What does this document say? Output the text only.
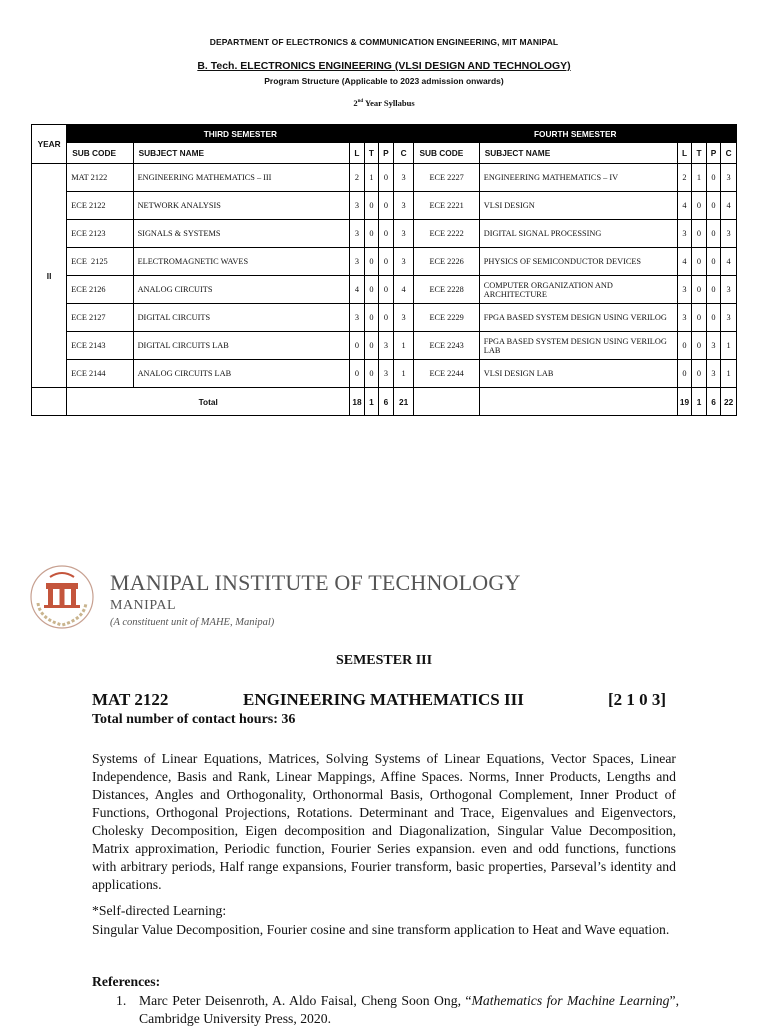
DEPARTMENT OF ELECTRONICS & COMMUNICATION ENGINEERING, MIT MANIPAL
B. Tech. ELECTRONICS ENGINEERING (VLSI DESIGN AND TECHNOLOGY)
Program Structure (Applicable to 2023 admission onwards)
2nd Year Syllabus
YEAR	THIRD SEMESTER						FOURTH SEMESTER					
	SUB CODE	SUBJECT NAME	L	T	P	C	SUB CODE	SUBJECT NAME	L	T	P	C
II	MAT 2122	ENGINEERING MATHEMATICS – III	2	1	0	3	ECE 2227	ENGINEERING MATHEMATICS – IV	2	1	0	3
	ECE 2122	NETWORK ANALYSIS	3	0	0	3	ECE 2221	VLSI DESIGN	4	0	0	4
	ECE 2123	SIGNALS & SYSTEMS	3	0	0	3	ECE 2222	DIGITAL SIGNAL PROCESSING	3	0	0	3
	ECE  2125	ELECTROMAGNETIC WAVES	3	0	0	3	ECE 2226	PHYSICS OF SEMICONDUCTOR DEVICES	4	0	0	4
	ECE 2126	ANALOG CIRCUITS	4	0	0	4	ECE 2228	COMPUTER ORGANIZATION AND ARCHITECTURE	3	0	0	3
	ECE 2127	DIGITAL CIRCUITS	3	0	0	3	ECE 2229	FPGA BASED SYSTEM DESIGN USING VERILOG	3	0	0	3
	ECE 2143	DIGITAL CIRCUITS LAB	0	0	3	1	ECE 2243	FPGA BASED SYSTEM DESIGN USING VERILOG LAB	0	0	3	1
	ECE 2144	ANALOG CIRCUITS LAB	0	0	3	1	ECE 2244	VLSI DESIGN LAB	0	0	3	1
	Total		18	1	6	21			19	1	6	22
MANIPAL INSTITUTE OF TECHNOLOGY
MANIPAL
(A constituent unit of MAHE, Manipal)
SEMESTER III
MAT 2122	ENGINEERING MATHEMATICS III	[2 1 0 3]
Total number of contact hours: 36
Systems of Linear Equations, Matrices, Solving Systems of Linear Equations, Vector Spaces, Linear Independence, Basis and Rank, Linear Mappings, Affine Spaces. Norms, Inner Products, Lengths and Distances, Angles and Orthogonality, Orthonormal Basis, Orthogonal Complement, Inner Product of Functions, Orthogonal Projections, Rotations. Determinant and Trace, Eigenvalues and Eigenvectors, Cholesky Decomposition, Eigen decomposition and Diagonalization, Singular Value Decomposition, Matrix approximation, Periodic function, Fourier Series expansion. even and odd functions, functions with arbitrary periods, Half range expansions, Fourier transform, basic properties, Parseval’s identity and applications.
*Self-directed Learning:
Singular Value Decomposition, Fourier cosine and sine transform application to Heat and Wave equation.
References:
1. Marc Peter Deisenroth, A. Aldo Faisal, Cheng Soon Ong, “Mathematics for Machine Learning”, Cambridge University Press, 2020.
